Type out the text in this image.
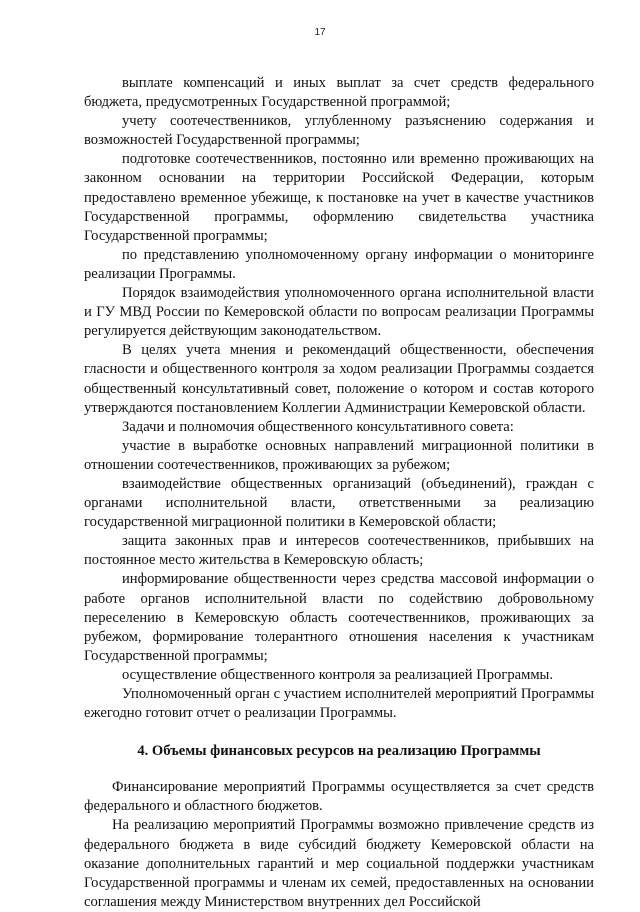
17

выплате компенсаций и иных выплат за счет средств федерального бюджета, предусмотренных Государственной программой;

учету соотечественников, углубленному разъяснению содержания и возможностей Государственной программы;

подготовке соотечественников, постоянно или временно проживающих на законном основании на территории Российской Федерации, которым предоставлено временное убежище, к постановке на учет в качестве участников Государственной программы, оформлению свидетельства участника Государственной программы;

по представлению уполномоченному органу информации о мониторинге реализации Программы.

Порядок взаимодействия уполномоченного органа исполнительной власти и ГУ МВД России по Кемеровской области по вопросам реализации Программы регулируется действующим законодательством.

В целях учета мнения и рекомендаций общественности, обеспечения гласности и общественного контроля за ходом реализации Программы создается общественный консультативный совет, положение о котором и состав которого утверждаются постановлением Коллегии Администрации Кемеровской области.

Задачи и полномочия общественного консультативного совета:

участие в выработке основных направлений миграционной политики в отношении соотечественников, проживающих за рубежом;

взаимодействие общественных организаций (объединений), граждан с органами исполнительной власти, ответственными за реализацию государственной миграционной политики в Кемеровской области;

защита законных прав и интересов соотечественников, прибывших на постоянное место жительства в Кемеровскую область;

информирование общественности через средства массовой информации о работе органов исполнительной власти по содействию добровольному переселению в Кемеровскую область соотечественников, проживающих за рубежом, формирование толерантного отношения населения к участникам Государственной программы;

осуществление общественного контроля за реализацией Программы.

Уполномоченный орган с участием исполнителей мероприятий Программы ежегодно готовит отчет о реализации Программы.

4. Объемы финансовых ресурсов на реализацию Программы

Финансирование мероприятий Программы осуществляется за счет средств федерального и областного бюджетов.

На реализацию мероприятий Программы возможно привлечение средств из федерального бюджета в виде субсидий бюджету Кемеровской области на оказание дополнительных гарантий и мер социальной поддержки участникам Государственной программы и членам их семей, предоставленных на основании соглашения между Министерством внутренних дел Российской
